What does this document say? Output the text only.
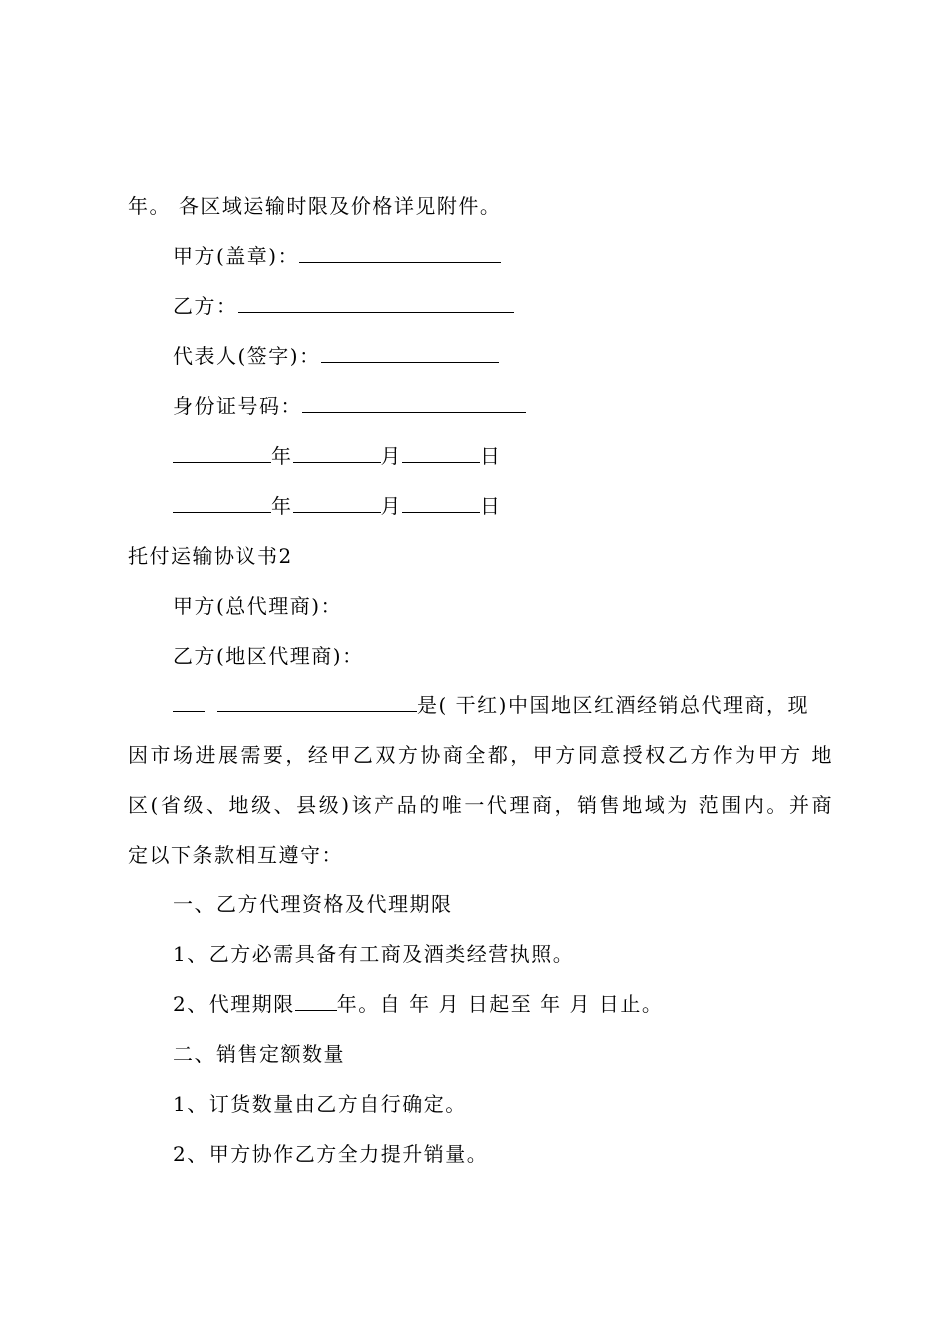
年。 各区域运输时限及价格详见附件。
甲方(盖章)：
乙方：
代表人(签字)：
身份证号码：
年	月	日
年	月	日
托付运输协议书2
甲方(总代理商)：
乙方(地区代理商)：
是( 干红)中国地区红酒经销总代理商，现
因市场进展需要，经甲乙双方协商全都，甲方同意授权乙方作为甲方 地
区(省级、地级、县级)该产品的唯一代理商，销售地域为 范围内。并商
定以下条款相互遵守：
一、乙方代理资格及代理期限
1、乙方必需具备有工商及酒类经营执照。
2、代理期限 年。自 年 月 日起至 年 月 日止。
二、销售定额数量
1、订货数量由乙方自行确定。
2、甲方协作乙方全力提升销量。
